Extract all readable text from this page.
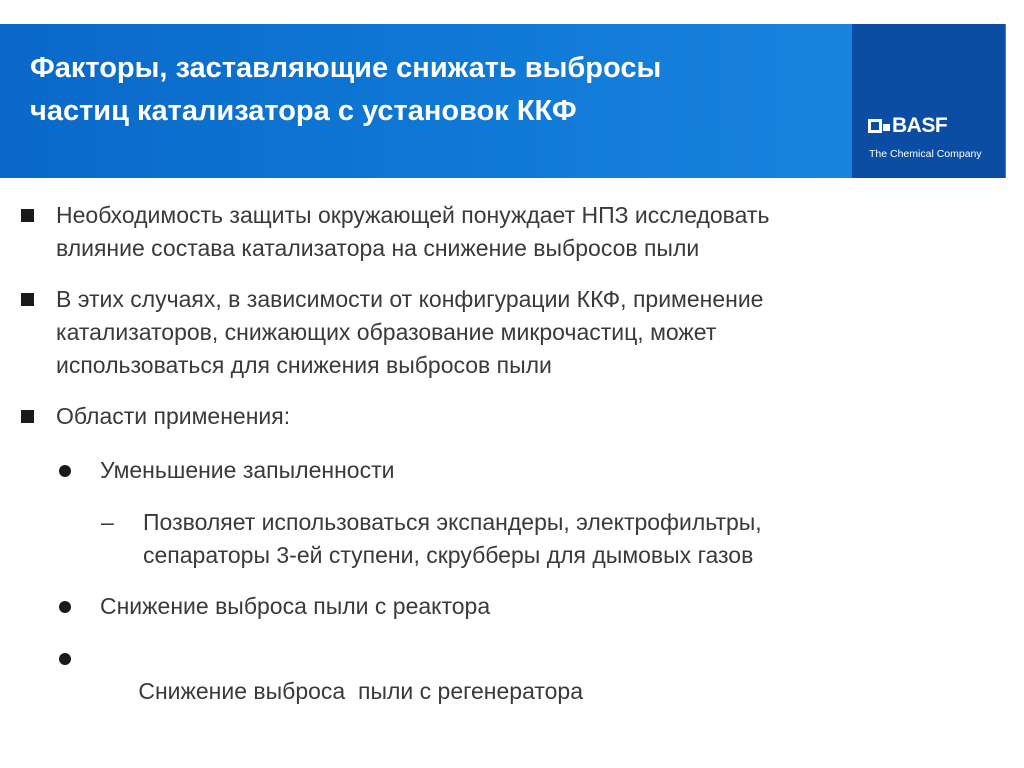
Факторы, заставляющие снижать выбросы
частиц катализатора с установок ККФ	BASF
The Chemical Company

Необходимость защиты окружающей понуждает НПЗ исследовать
влияние состава катализатора на снижение выбросов пыли

В этих случаях, в зависимости от конфигурации ККФ, применение
катализаторов, снижающих образование микрочастиц, может
использоваться для снижения выбросов пыли

Области применения:

Уменьшение запыленности

– Позволяет использоваться экспандеры, электрофильтры,
сепараторы 3-ей ступени, скрубберы для дымовых газов

Снижение выброса пыли с реактора

Снижение выброса  пыли с регенератора
